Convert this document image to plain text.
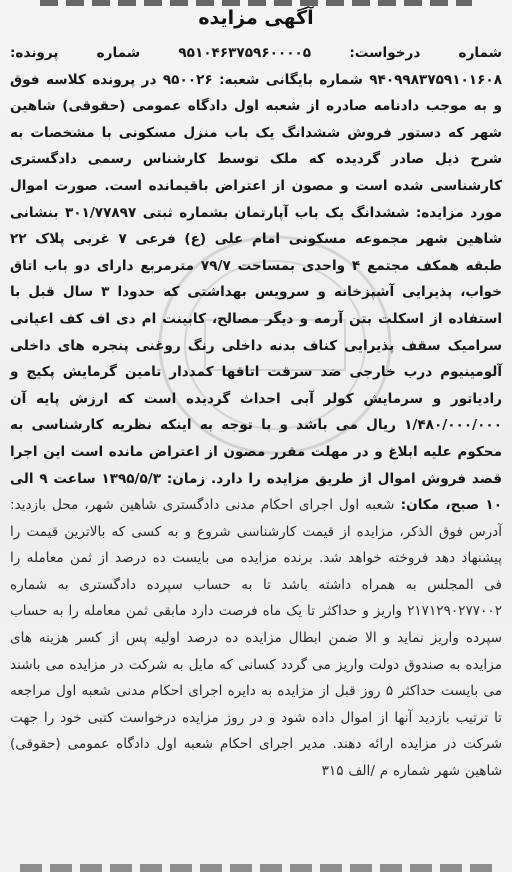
آگهی مزایده
شماره درخواست: ۹۵۱۰۴۶۳۷۵۹۶۰۰۰۰۵ شماره پرونده: ۹۴۰۹۹۸۳۷۵۹۱۰۱۶۰۸ شماره بایگانی شعبه: ۹۵۰۰۲۶ در پرونده کلاسه فوق و به موجب دادنامه صادره از شعبه اول دادگاه عمومی (حقوقی) شاهین شهر که دستور فروش ششدانگ یک باب منزل مسکونی با مشخصات به شرح ذیل صادر گردیده که ملک توسط کارشناس رسمی دادگستری کارشناسی شده است و مصون از اعتراض باقیمانده است. صورت اموال مورد مزایده: ششدانگ یک باب آپارتمان بشماره ثبتی ۳۰۱/۷۷۸۹۷ بنشانی شاهین شهر مجموعه مسکونی امام علی (ع) فرعی ۷ غربی پلاک ۲۲ طبقه همکف مجتمع ۴ واحدی بمساحت ۷۹/۷ مترمربع دارای دو باب اتاق خواب، پذیرایی آشپزخانه و سرویس بهداشتی که حدودا ۳ سال قبل با استفاده از اسکلت بتن آرمه و دیگر مصالح، کابینت ام دی اف کف اعیانی سرامیک سقف پذیرایی کناف بدنه داخلی رنگ روغنی پنجره های داخلی آلومینیوم درب خارجی ضد سرقت اتاقها کمددار تامین گرمایش پکیج و رادیاتور و سرمایش کولر آبی احداث گردیده است که ارزش پایه آن ۱/۴۸۰/۰۰۰/۰۰۰ ریال می باشد و با توجه به اینکه نظریه کارشناسی به محکوم علیه ابلاغ و در مهلت مقرر مصون از اعتراض مانده است این اجرا قصد فروش اموال از طریق مزایده را دارد. زمان: ۱۳۹۵/۵/۳ ساعت ۹ الی ۱۰ صبح، مکان: شعبه اول اجرای احکام مدنی دادگستری شاهین شهر، محل بازدید: آدرس فوق الذکر، مزایده از قیمت کارشناسی شروع و به کسی که بالاترین قیمت را پیشنهاد دهد فروخته خواهد شد. برنده مزایده می بایست ده درصد از ثمن معامله را فی المجلس به همراه داشته باشد تا به حساب سپرده دادگستری به شماره ۲۱۷۱۲۹۰۲۷۷۰۰۲ واریز و حداکثر تا یک ماه فرصت دارد مابقی ثمن معامله را به حساب سپرده واریز نماید و الا ضمن ابطال مزایده ده درصد اولیه پس از کسر هزینه های مزایده به صندوق دولت واریز می گردد کسانی که مایل به شرکت در مزایده می باشند می بایست حداکثر ۵ روز قبل از مزایده به دایره اجرای احکام مدنی شعبه اول مراجعه تا ترتیب بازدید آنها از اموال داده شود و در روز مزایده درخواست کتبی خود را جهت شرکت در مزایده ارائه دهند. مدیر اجرای احکام شعبه اول دادگاه عمومی (حقوقی) شاهین شهر شماره م /الف ۳۱۵
